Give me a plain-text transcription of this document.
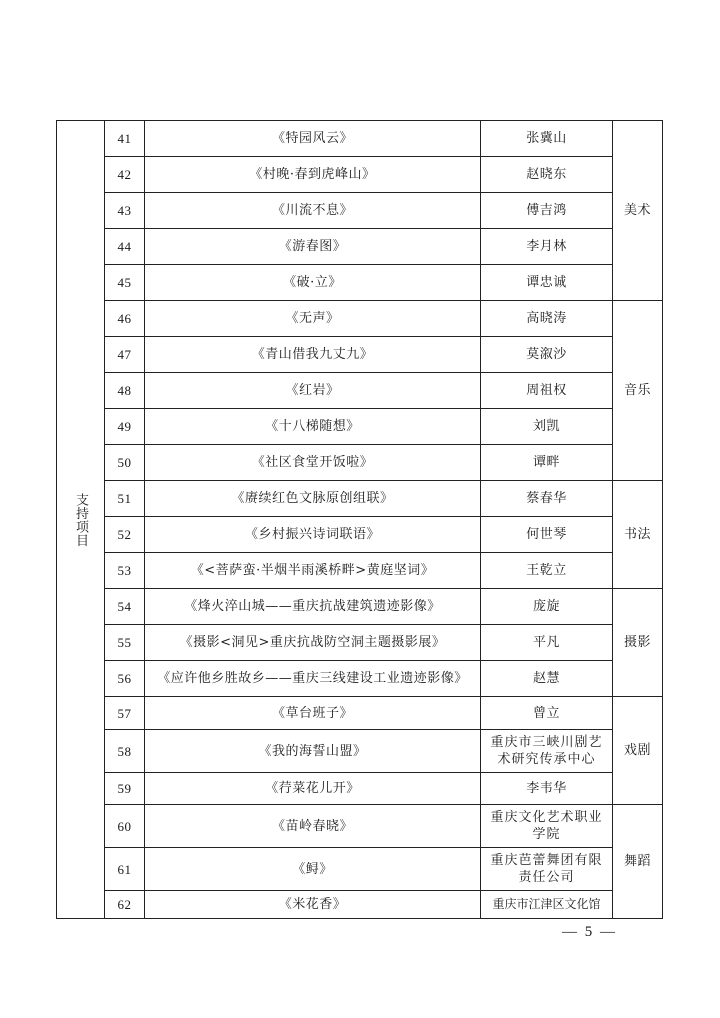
支持项目	41	《特园风云》	张冀山	美术
	42	《村晚·春到虎峰山》	赵晓东	
	43	《川流不息》	傅吉鸿	
	44	《游春图》	李月林	
	45	《破·立》	谭忠诚	
	46	《无声》	高晓涛	音乐
	47	《青山借我九丈九》	莫溆沙	
	48	《红岩》	周祖权	
	49	《十八梯随想》	刘凯	
	50	《社区食堂开饭啦》	谭畔	
	51	《赓续红色文脉原创组联》	蔡春华	书法
	52	《乡村振兴诗词联语》	何世琴	
	53	《<菩萨蛮·半烟半雨溪桥畔>黄庭坚词》	王乾立	
	54	《烽火淬山城——重庆抗战建筑遗迹影像》	庞旋	摄影
	55	《摄影<洞见>重庆抗战防空洞主题摄影展》	平凡	
	56	《应许他乡胜故乡——重庆三线建设工业遗迹影像》	赵慧	
	57	《草台班子》	曾立	戏剧
	58	《我的海誓山盟》	重庆市三峡川剧艺术研究传承中心	
	59	《荇菜花儿开》	李韦华	
	60	《苗岭春晓》	重庆文化艺术职业学院	舞蹈
	61	《鲟》	重庆芭蕾舞团有限责任公司	
	62	《米花香》	重庆市江津区文化馆	
— 5 —
